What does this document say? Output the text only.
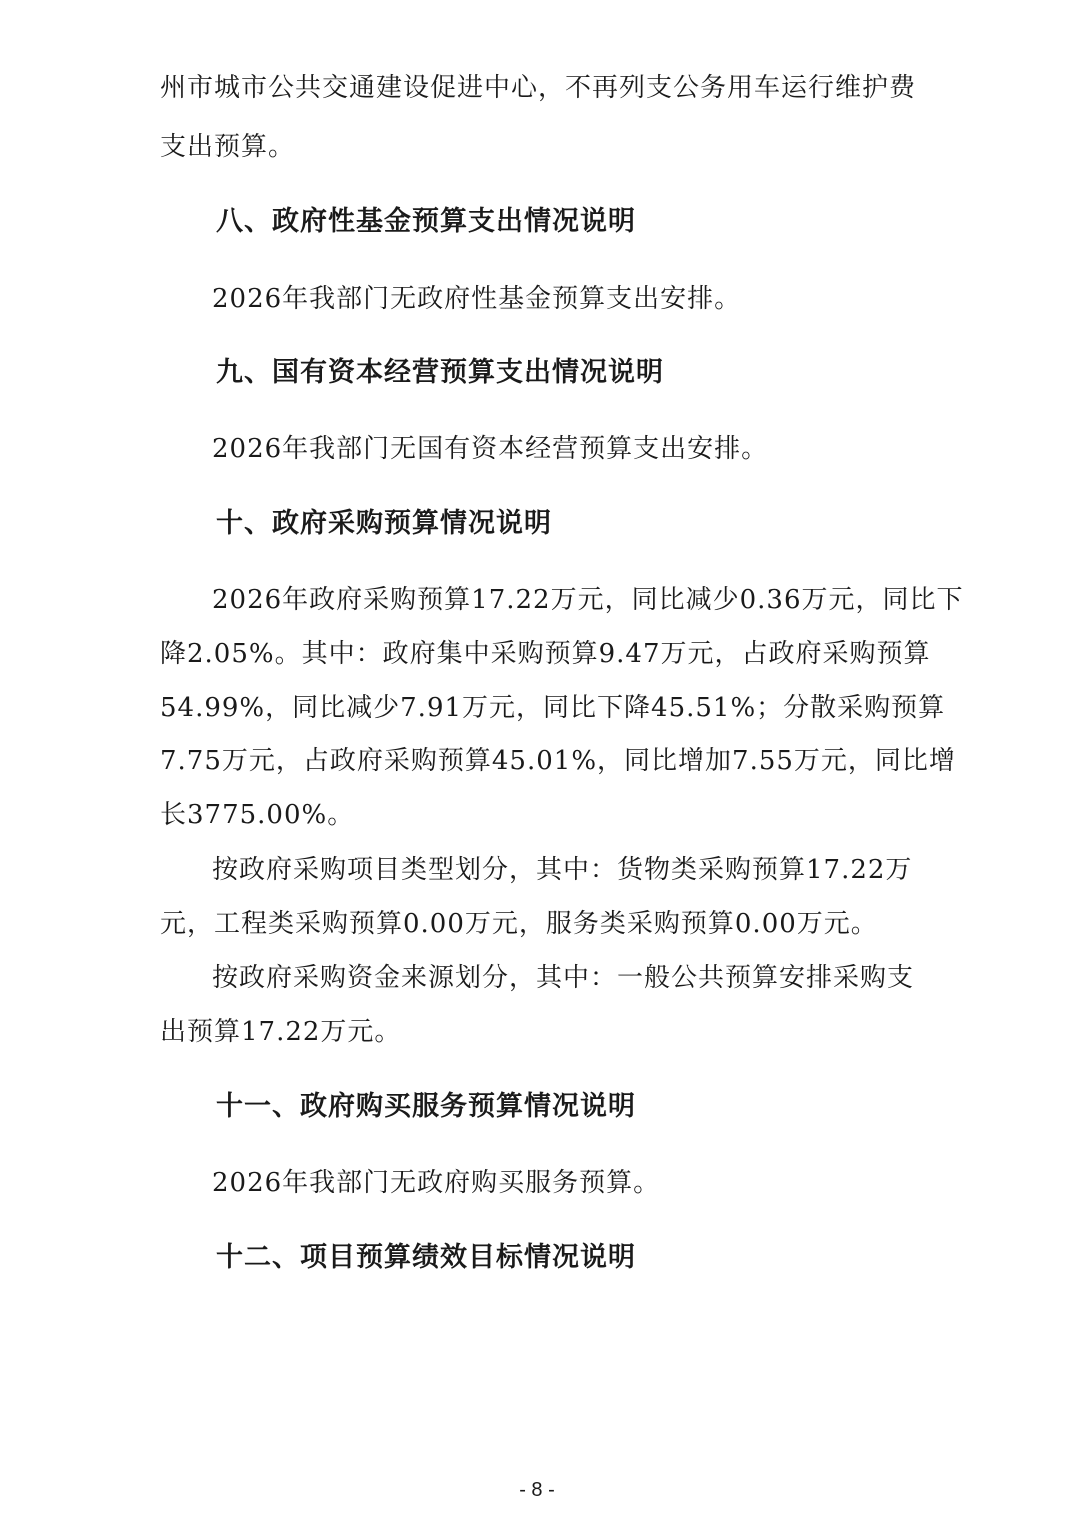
州市城市公共交通建设促进中心，不再列支公务用车运行维护费
支出预算。
八、政府性基金预算支出情况说明
2026年我部门无政府性基金预算支出安排。
九、国有资本经营预算支出情况说明
2026年我部门无国有资本经营预算支出安排。
十、政府采购预算情况说明
2026年政府采购预算17.22万元，同比减少0.36万元，同比下
降2.05%。其中：政府集中采购预算9.47万元，占政府采购预算
54.99%，同比减少7.91万元，同比下降45.51%；分散采购预算
7.75万元，占政府采购预算45.01%，同比增加7.55万元，同比增
长3775.00%。
按政府采购项目类型划分，其中：货物类采购预算17.22万
元，工程类采购预算0.00万元，服务类采购预算0.00万元。
按政府采购资金来源划分，其中：一般公共预算安排采购支
出预算17.22万元。
十一、政府购买服务预算情况说明
2026年我部门无政府购买服务预算。
十二、项目预算绩效目标情况说明
- 8 -
